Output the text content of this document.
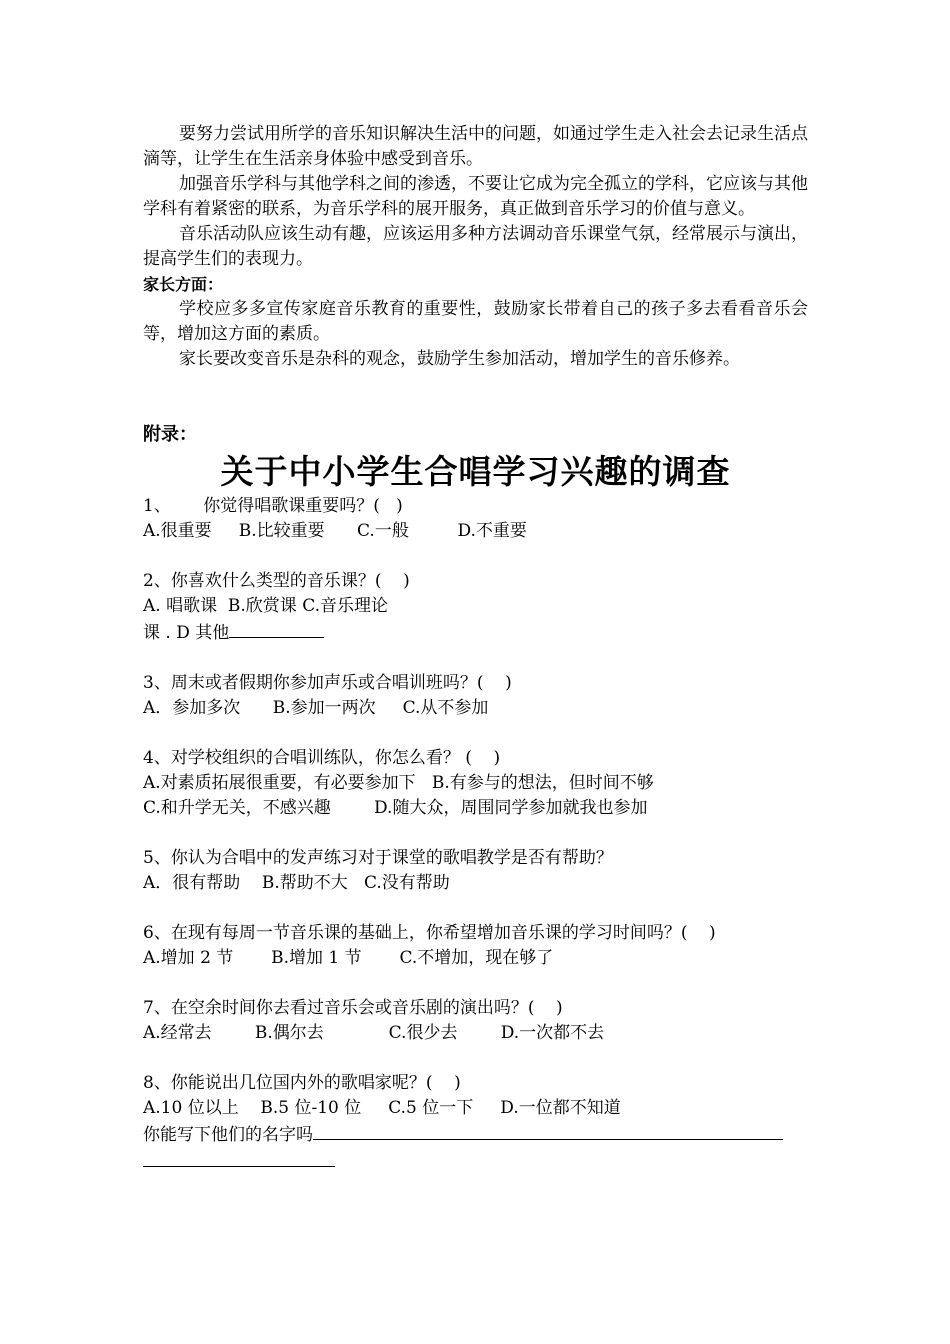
要努力尝试用所学的音乐知识解决生活中的问题，如通过学生走入社会去记录生活点滴等，让学生在生活亲身体验中感受到音乐。

加强音乐学科与其他学科之间的渗透，不要让它成为完全孤立的学科，它应该与其他学科有着紧密的联系，为音乐学科的展开服务，真正做到音乐学习的价值与意义。

音乐活动队应该生动有趣，应该运用多种方法调动音乐课堂气氛，经常展示与演出，提高学生们的表现力。

家长方面：

学校应多多宣传家庭音乐教育的重要性，鼓励家长带着自己的孩子多去看看音乐会等，增加这方面的素质。

家长要改变音乐是杂科的观念，鼓励学生参加活动，增加学生的音乐修养。

附录：

关于中小学生合唱学习兴趣的调查

1、      你觉得唱歌课重要吗？(   )

A.很重要     B.比较重要      C.一般         D.不重要

2、你喜欢什么类型的音乐课？(    )

A. 唱歌课  B.欣赏课 C.音乐理论

课 . D 其他

3、周末或者假期你参加声乐或合唱训班吗？(    )

A．参加多次      B.参加一两次     C.从不参加

4、对学校组织的合唱训练队，你怎么看？ (    )

A.对素质拓展很重要，有必要参加下   B.有参与的想法，但时间不够

C.和升学无关，不感兴趣        D.随大众，周围同学参加就我也参加

5、你认为合唱中的发声练习对于课堂的歌唱教学是否有帮助？

A．很有帮助    B.帮助不大   C.没有帮助

6、在现有每周一节音乐课的基础上，你希望增加音乐课的学习时间吗？(    )

A.增加 2 节       B.增加 1 节       C.不增加，现在够了

7、在空余时间你去看过音乐会或音乐剧的演出吗？(    )

A.经常去        B.偶尔去            C.很少去        D.一次都不去

8、你能说出几位国内外的歌唱家呢？(    )

A.10 位以上    B.5 位-10 位     C.5 位一下     D.一位都不知道

你能写下他们的名字吗
